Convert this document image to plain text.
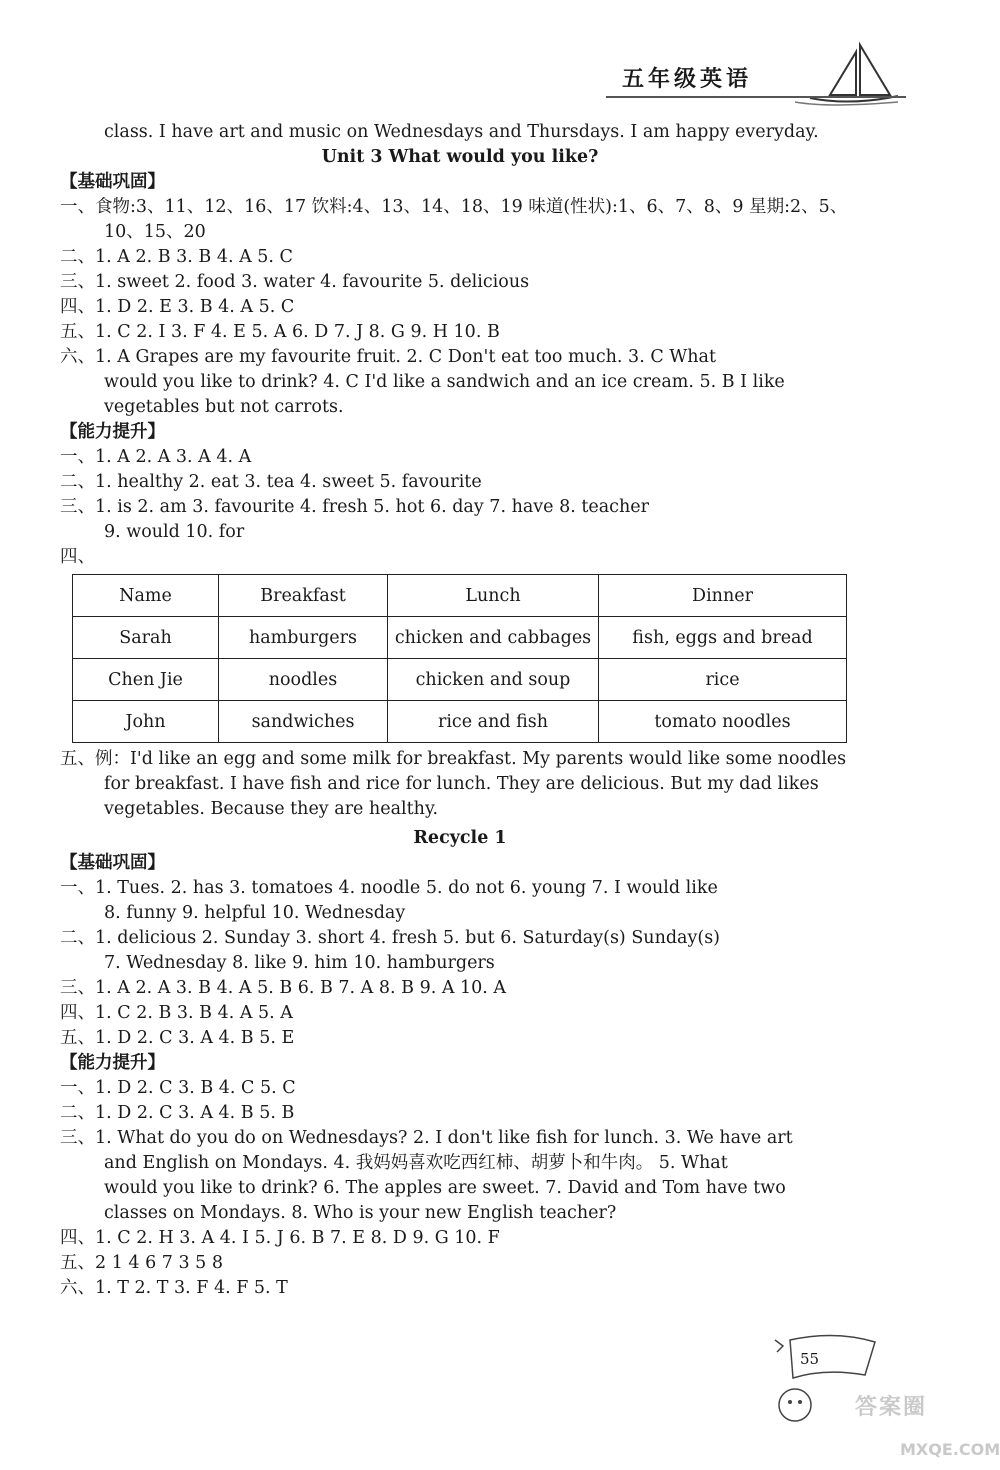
五年级英语
class. I have art and music on Wednesdays and Thursdays. I am happy everyday.
Unit 3 What would you like?
【基础巩固】
一、食物:3、11、12、16、17 饮料:4、13、14、18、19 味道(性状):1、6、7、8、9 星期:2、5、
10、15、20
二、1. A 2. B 3. B 4. A 5. C
三、1. sweet 2. food 3. water 4. favourite 5. delicious
四、1. D 2. E 3. B 4. A 5. C
五、1. C 2. I 3. F 4. E 5. A 6. D 7. J 8. G 9. H 10. B
六、1. A Grapes are my favourite fruit. 2. C Don't eat too much. 3. C What
would you like to drink? 4. C I'd like a sandwich and an ice cream. 5. B I like
vegetables but not carrots.
【能力提升】
一、1. A 2. A 3. A 4. A
二、1. healthy 2. eat 3. tea 4. sweet 5. favourite
三、1. is 2. am 3. favourite 4. fresh 5. hot 6. day 7. have 8. teacher
9. would 10. for
四、
Name	Breakfast	Lunch	Dinner
Sarah	hamburgers	chicken and cabbages	fish, eggs and bread
Chen Jie	noodles	chicken and soup	rice
John	sandwiches	rice and fish	tomato noodles
五、例：I'd like an egg and some milk for breakfast. My parents would like some noodles
for breakfast. I have fish and rice for lunch. They are delicious. But my dad likes
vegetables. Because they are healthy.
Recycle 1
【基础巩固】
一、1. Tues. 2. has 3. tomatoes 4. noodle 5. do not 6. young 7. I would like
8. funny 9. helpful 10. Wednesday
二、1. delicious 2. Sunday 3. short 4. fresh 5. but 6. Saturday(s) Sunday(s)
7. Wednesday 8. like 9. him 10. hamburgers
三、1. A 2. A 3. B 4. A 5. B 6. B 7. A 8. B 9. A 10. A
四、1. C 2. B 3. B 4. A 5. A
五、1. D 2. C 3. A 4. B 5. E
【能力提升】
一、1. D 2. C 3. B 4. C 5. C
二、1. D 2. C 3. A 4. B 5. B
三、1. What do you do on Wednesdays? 2. I don't like fish for lunch. 3. We have art
and English on Mondays. 4. 我妈妈喜欢吃西红柿、胡萝卜和牛肉。 5. What
would you like to drink? 6. The apples are sweet. 7. David and Tom have two
classes on Mondays. 8. Who is your new English teacher?
四、1. C 2. H 3. A 4. I 5. J 6. B 7. E 8. D 9. G 10. F
五、2 1 4 6 7 3 5 8
六、1. T 2. T 3. F 4. F 5. T
55
答案圈
MXQE.COM
